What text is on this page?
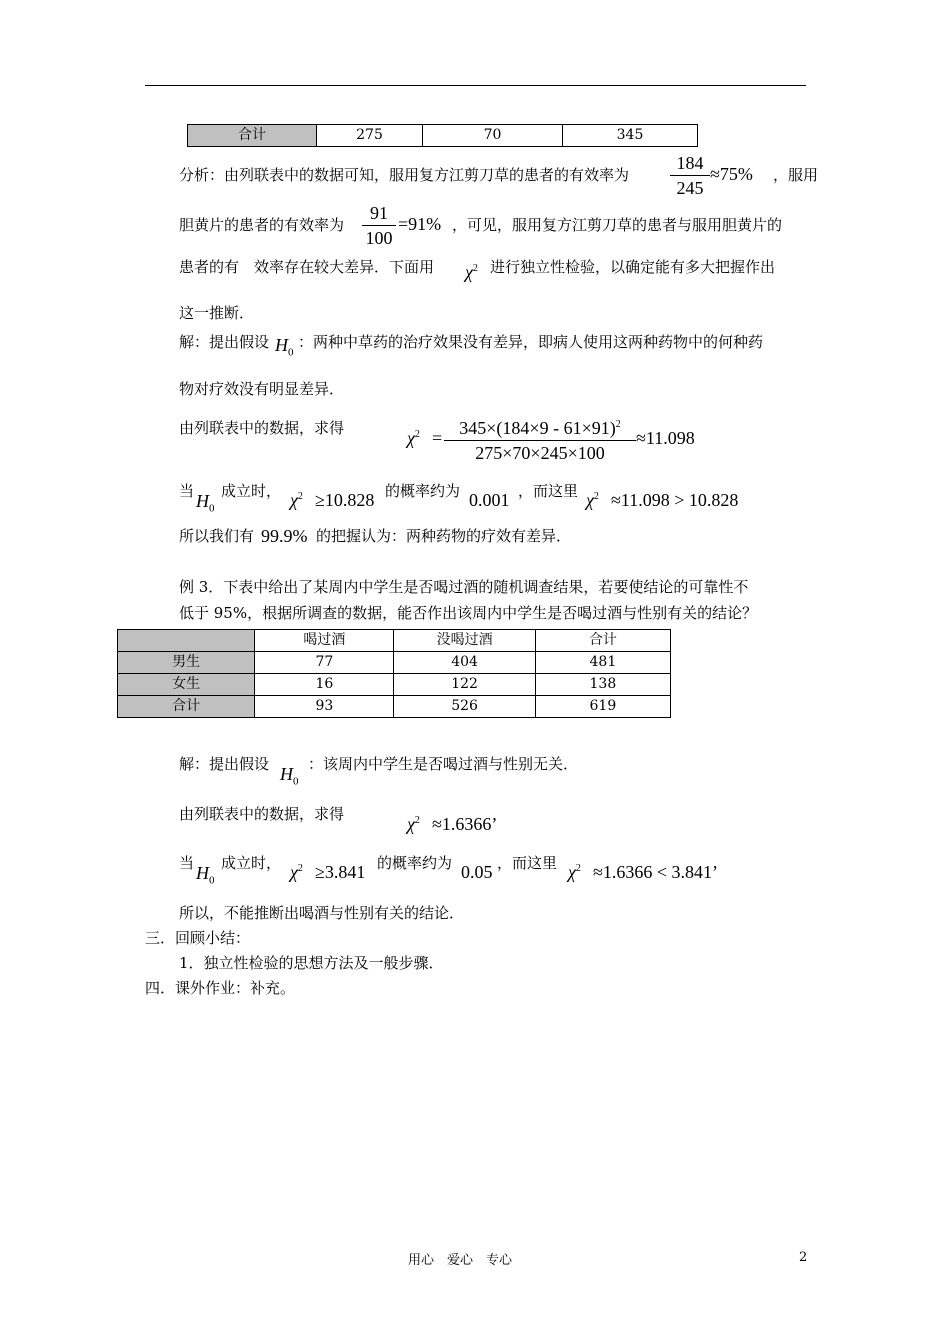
合计	275	70	345
分析：由列联表中的数据可知，服用复方江剪刀草的患者的有效率为
184
245
≈75% ，服用
胆黄片的患者的有效率为
91
100
=91% ，可见，服用复方江剪刀草的患者与服用胆黄片的
患者的有　效率存在较大差异．下面用 $\chi^2$ 进行独立性检验，以确定能有多大把握作出
这一推断．
解：提出假设 $H_0$
：两种中草药的治疗效果没有差异，即病人使用这两种药物中的何种药
物对疗效没有明显差异．
由列联表中的数据，求得	$\chi^2 = 345\times(184\times 9 - 61\times 91)^2$
275×70×245×100
≈11.098
当 $H_0$
成立时， $\chi^2 \ge 10.828$ 的概率约为 0.001 ，而这里 $\chi^2 \approx 11.098 > 10.828$
所以我们有 99.9% 的把握认为：两种药物的疗效有差异．
例 3．下表中给出了某周内中学生是否喝过酒的随机调查结果，若要使结论的可靠性不
低于 95%，根据所调查的数据，能否作出该周内中学生是否喝过酒与性别有关的结论？
	喝过酒	没喝过酒	合计
男生	77	404	481
女生	16	122	138
合计	93	526	619
解：提出假设 $H_0$
：该周内中学生是否喝过酒与性别无关．
由列联表中的数据，求得	$\chi^2 \approx 1.6366$’
当 $H_0$
成立时， $\chi^2 \ge 3.841$ 的概率约为 0.05 ，而这里 $\chi^2 \approx 1.6366 < 3.841$’
所以，不能推断出喝酒与性别有关的结论．
三．回顾小结：
1．独立性检验的思想方法及一般步骤．
四．课外作业：补充。
用心　爱心　专心	2
